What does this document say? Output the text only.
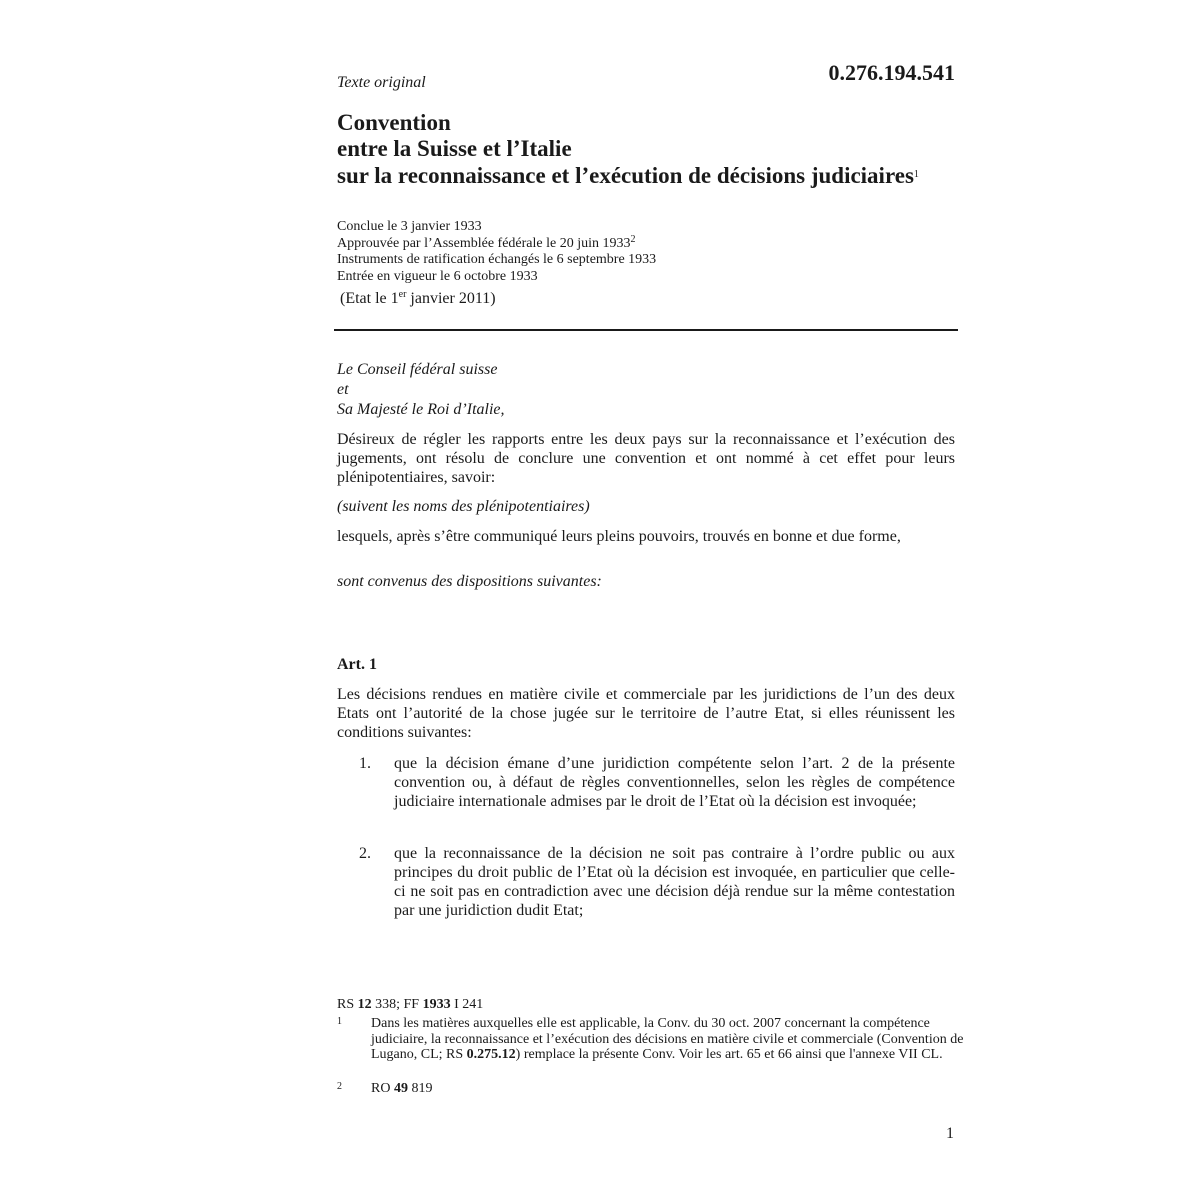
Texte original	0.276.194.541
Convention
entre la Suisse et l’Italie
sur la reconnaissance et l’exécution de décisions judiciaires$^1$
Conclue le 3 janvier 1933
Approuvée par l’Assemblée fédérale le 20 juin 1933$^2$
Instruments de ratification échangés le 6 septembre 1933
Entrée en vigueur le 6 octobre 1933
(Etat le 1er janvier 2011)
Le Conseil fédéral suisse
et
Sa Majesté le Roi d’Italie,
Désireux de régler les rapports entre les deux pays sur la reconnaissance et l’exécution des jugements, ont résolu de conclure une convention et ont nommé à cet effet pour leurs plénipotentiaires, savoir:
(suivent les noms des plénipotentiaires)
lesquels, après s’être communiqué leurs pleins pouvoirs, trouvés en bonne et due forme,
sont convenus des dispositions suivantes:
Art. 1
Les décisions rendues en matière civile et commerciale par les juridictions de l’un des deux Etats ont l’autorité de la chose jugée sur le territoire de l’autre Etat, si elles réunissent les conditions suivantes:
1. que la décision émane d’une juridiction compétente selon l’art. 2 de la présente convention ou, à défaut de règles conventionnelles, selon les règles de compétence judiciaire internationale admises par le droit de l’Etat où la décision est invoquée;
2. que la reconnaissance de la décision ne soit pas contraire à l’ordre public ou aux principes du droit public de l’Etat où la décision est invoquée, en particulier que celle-ci ne soit pas en contradiction avec une décision déjà rendue sur la même contestation par une juridiction dudit Etat;
RS 12 338; FF 1933 I 241
1 Dans les matières auxquelles elle est applicable, la Conv. du 30 oct. 2007 concernant la compétence judiciaire, la reconnaissance et l’exécution des décisions en matière civile et commerciale (Convention de Lugano, CL; RS 0.275.12) remplace la présente Conv. Voir les art. 65 et 66 ainsi que l'annexe VII CL.
2 RO 49 819
1
